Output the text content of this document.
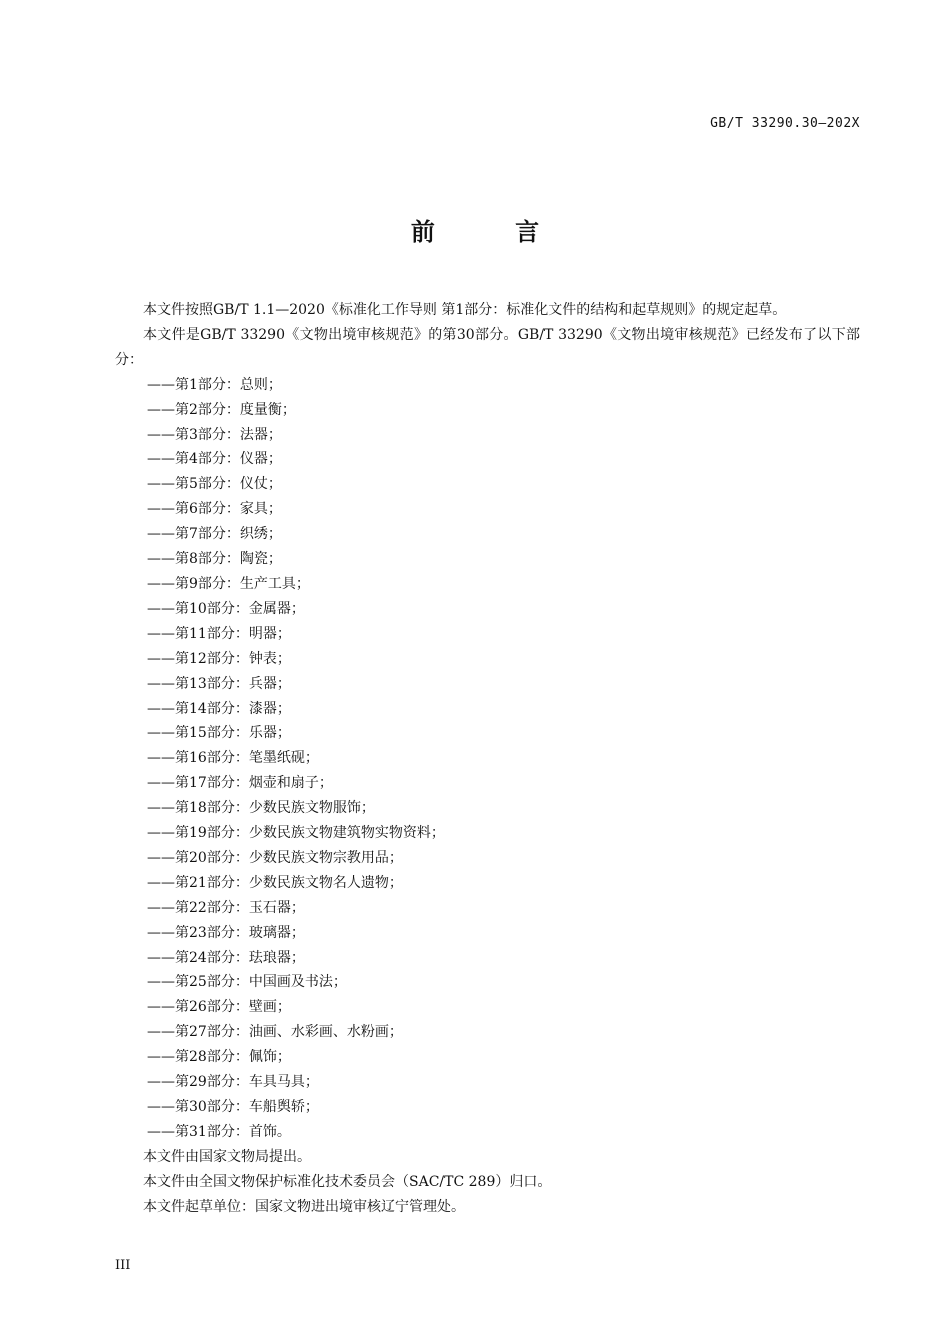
GB/T 33290.30—202X
前 言

本文件按照GB/T 1.1—2020《标准化工作导则 第1部分：标准化文件的结构和起草规则》的规定起草。

本文件是GB/T 33290《文物出境审核规范》的第30部分。GB/T 33290《文物出境审核规范》已经发布了以下部分：

——第1部分：总则；
——第2部分：度量衡；
——第3部分：法器；
——第4部分：仪器；
——第5部分：仪仗；
——第6部分：家具；
——第7部分：织绣；
——第8部分：陶瓷；
——第9部分：生产工具；
——第10部分：金属器；
——第11部分：明器；
——第12部分：钟表；
——第13部分：兵器；
——第14部分：漆器；
——第15部分：乐器；
——第16部分：笔墨纸砚；
——第17部分：烟壶和扇子；
——第18部分：少数民族文物服饰；
——第19部分：少数民族文物建筑物实物资料；
——第20部分：少数民族文物宗教用品；
——第21部分：少数民族文物名人遗物；
——第22部分：玉石器；
——第23部分：玻璃器；
——第24部分：珐琅器；
——第25部分：中国画及书法；
——第26部分：壁画；
——第27部分：油画、水彩画、水粉画；
——第28部分：佩饰；
——第29部分：车具马具；
——第30部分：车船舆轿；
——第31部分：首饰。

本文件由国家文物局提出。

本文件由全国文物保护标准化技术委员会（SAC/TC 289）归口。

本文件起草单位：国家文物进出境审核辽宁管理处。

III
